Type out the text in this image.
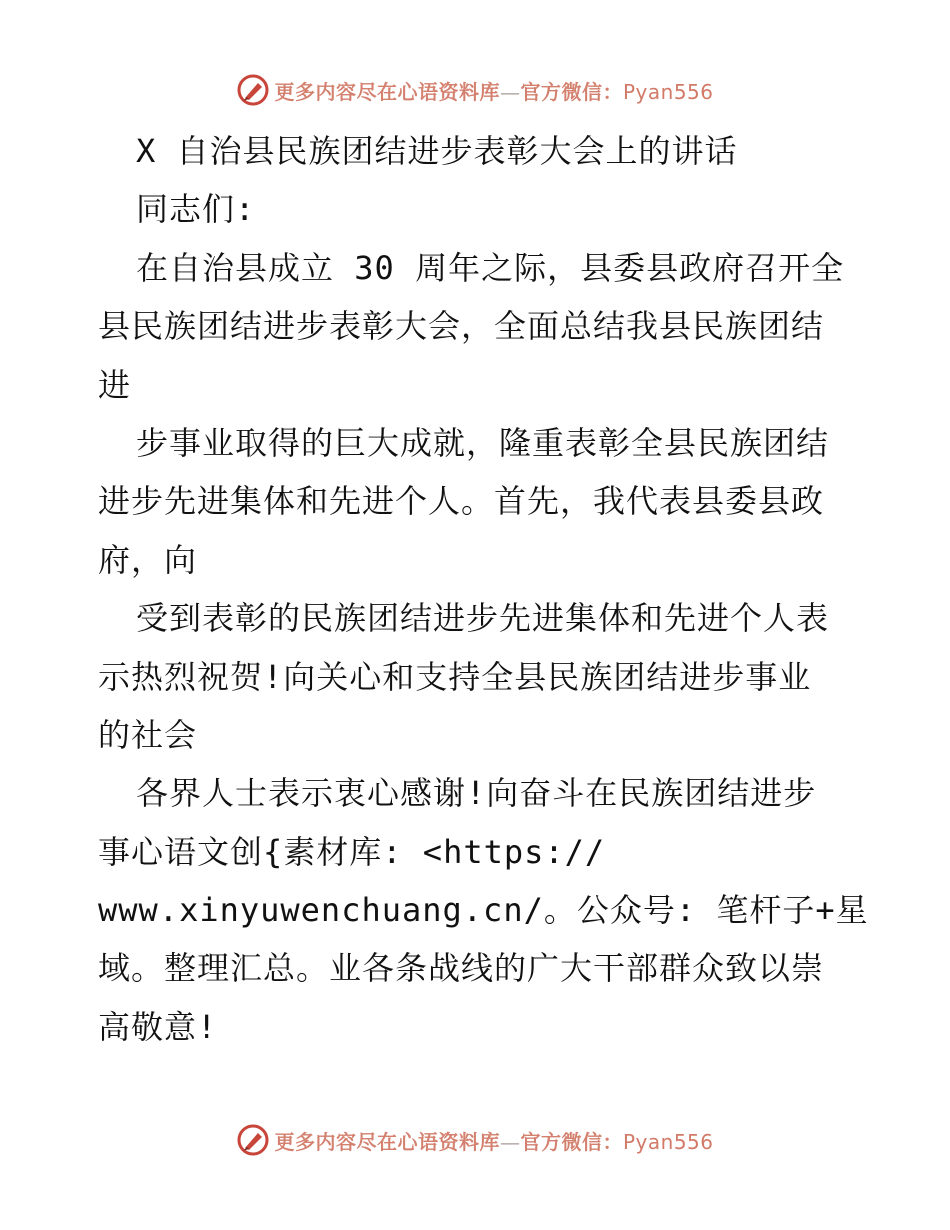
更多内容尽在心语资料库—官方微信：Pyan556
X 自治县民族团结进步表彰大会上的讲话
同志们:
在自治县成立 30 周年之际，县委县政府召开全
县民族团结进步表彰大会，全面总结我县民族团结
进
步事业取得的巨大成就，隆重表彰全县民族团结
进步先进集体和先进个人。首先，我代表县委县政
府，向
受到表彰的民族团结进步先进集体和先进个人表
示热烈祝贺!向关心和支持全县民族团结进步事业
的社会
各界人士表示衷心感谢!向奋斗在民族团结进步
事心语文创{素材库: <https://
www.xinyuwenchuang.cn/。公众号: 笔杆子+星
域。整理汇总。业各条战线的广大干部群众致以崇
高敬意!
更多内容尽在心语资料库—官方微信：Pyan556
